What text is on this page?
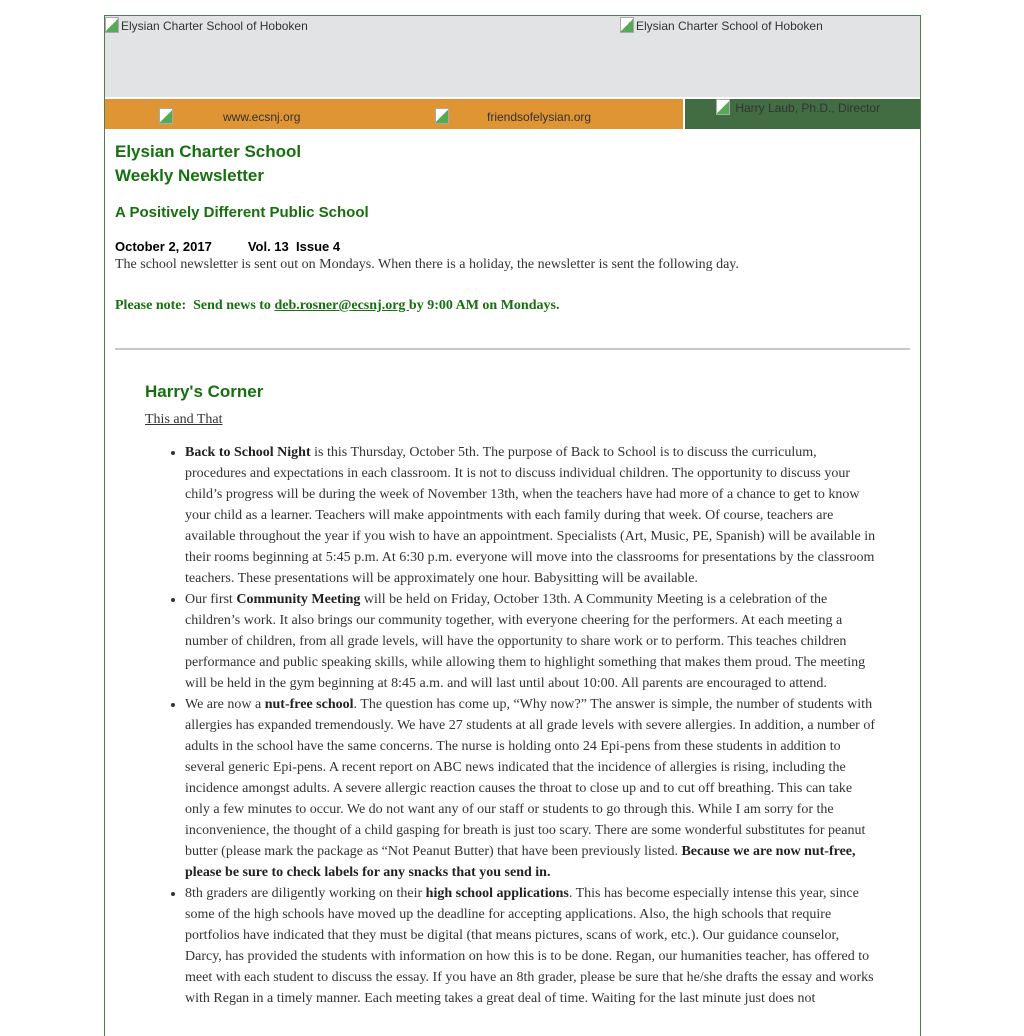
Elysian Charter School of Hoboken	Elysian Charter School of Hoboken
www.ecsnj.org	friendsofelysian.org
Harry Laub, Ph.D., Director
Elysian Charter School
Weekly Newsletter
A Positively Different Public School
October 2, 2017	Vol. 13  Issue 4

The school newsletter is sent out on Mondays. When there is a holiday, the newsletter is sent the following day.

Please note:  Send news to deb.rosner@ecsnj.org by 9:00 AM on Mondays.

Harry's Corner
This and That
• Back to School Night is this Thursday, October 5th. The purpose of Back to School is to discuss the curriculum, procedures and expectations in each classroom. It is not to discuss individual children. The opportunity to discuss your child’s progress will be during the week of November 13th, when the teachers have had more of a chance to get to know your child as a learner. Teachers will make appointments with each family during that week. Of course, teachers are available throughout the year if you wish to have an appointment. Specialists (Art, Music, PE, Spanish) will be available in their rooms beginning at 5:45 p.m. At 6:30 p.m. everyone will move into the classrooms for presentations by the classroom teachers. These presentations will be approximately one hour. Babysitting will be available.
• Our first Community Meeting will be held on Friday, October 13th. A Community Meeting is a celebration of the children’s work. It also brings our community together, with everyone cheering for the performers. At each meeting a number of children, from all grade levels, will have the opportunity to share work or to perform. This teaches children performance and public speaking skills, while allowing them to highlight something that makes them proud. The meeting will be held in the gym beginning at 8:45 a.m. and will last until about 10:00. All parents are encouraged to attend.
• We are now a nut-free school. The question has come up, “Why now?” The answer is simple, the number of students with allergies has expanded tremendously. We have 27 students at all grade levels with severe allergies. In addition, a number of adults in the school have the same concerns. The nurse is holding onto 24 Epi-pens from these students in addition to several generic Epi-pens. A recent report on ABC news indicated that the incidence of allergies is rising, including the incidence amongst adults. A severe allergic reaction causes the throat to close up and to cut off breathing. This can take only a few minutes to occur. We do not want any of our staff or students to go through this. While I am sorry for the inconvenience, the thought of a child gasping for breath is just too scary. There are some wonderful substitutes for peanut butter (please mark the package as “Not Peanut Butter) that have been previously listed. Because we are now nut-free, please be sure to check labels for any snacks that you send in.
• 8th graders are diligently working on their high school applications. This has become especially intense this year, since some of the high schools have moved up the deadline for accepting applications. Also, the high schools that require portfolios have indicated that they must be digital (that means pictures, scans of work, etc.). Our guidance counselor, Darcy, has provided the students with information on how this is to be done. Regan, our humanities teacher, has offered to meet with each student to discuss the essay. If you have an 8th grader, please be sure that he/she drafts the essay and works with Regan in a timely manner. Each meeting takes a great deal of time. Waiting for the last minute just does not
